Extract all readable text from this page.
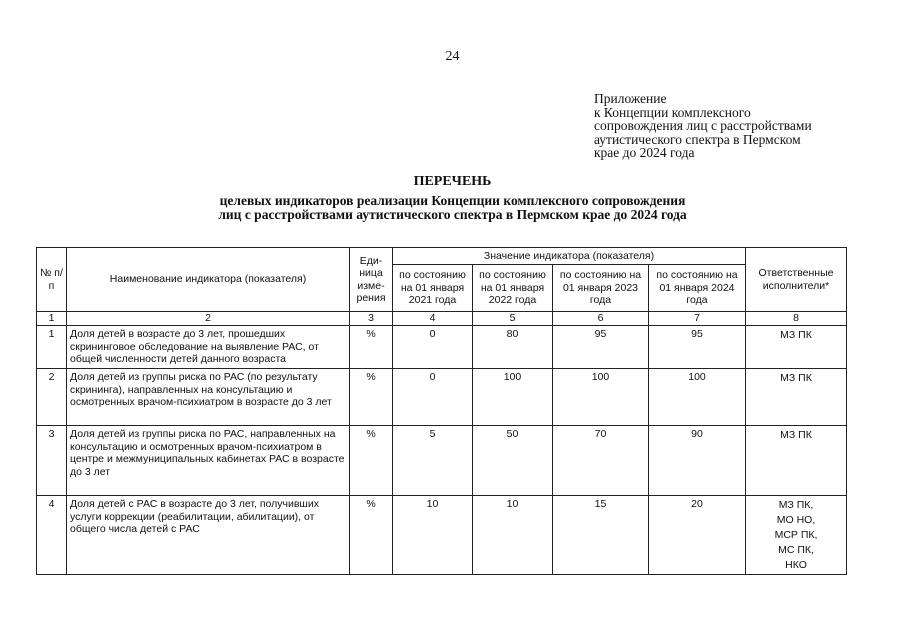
24
Приложение
к Концепции комплексного
сопровождения лиц с расстройствами
аутистического спектра в Пермском
крае до 2024 года
ПЕРЕЧЕНЬ
целевых индикаторов реализации Концепции комплексного сопровождения
лиц с расстройствами аутистического спектра в Пермском крае до 2024 года
№ п/п	Наименование индикатора (показателя)	Еди-ница изме-рения	Значение индикатора (показателя)				Ответственные исполнители*
			по состоянию на 01 января 2021 года	по состоянию на 01 января 2022 года	по состоянию на 01 января 2023 года	по состоянию на 01 января 2024 года	
1	2	3	4	5	6	7	8
1	Доля детей в возрасте до 3 лет, прошедших скрининговое обследование на выявление РАС, от общей численности детей данного возраста	%	0	80	95	95	МЗ ПК

2	Доля детей из группы риска по РАС (по результату скрининга), направленных на консультацию и осмотренных врачом-психиатром в возрасте до 3 лет	%	0	100	100	100	МЗ ПК

3	Доля детей из группы риска по РАС, направленных на консультацию и осмотренных врачом-психиатром в центре и межмуниципальных кабинетах РАС в возрасте до 3 лет	%	5	50	70	90	МЗ ПК

4	Доля детей с РАС в возрасте до 3 лет, получивших услуги коррекции (реабилитации, абилитации), от общего числа детей с РАС	%	10	10	15	20	МЗ ПК,
МО НО,
МСР ПК,
МС ПК,
НКО
